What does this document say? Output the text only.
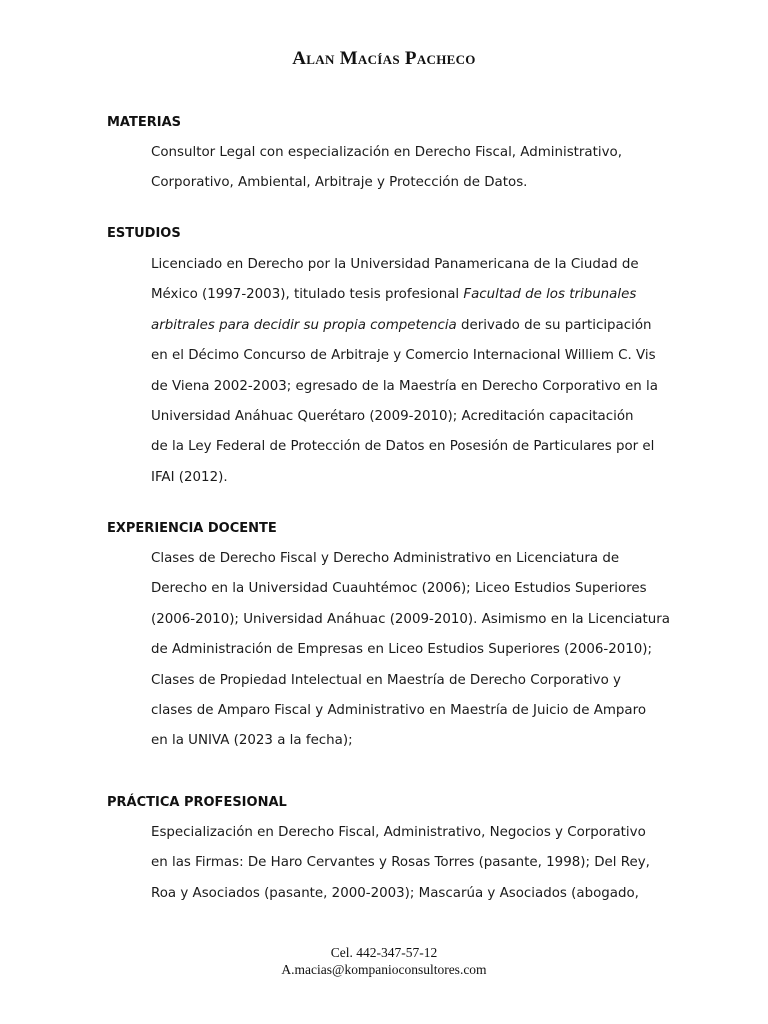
Alan Macías Pacheco
MATERIAS
Consultor Legal con especialización en Derecho Fiscal, Administrativo,
Corporativo, Ambiental, Arbitraje y Protección de Datos.
ESTUDIOS
Licenciado en Derecho por la Universidad Panamericana de la Ciudad de
México (1997-2003), titulado tesis profesional Facultad de los tribunales
arbitrales para decidir su propia competencia derivado de su participación
en el Décimo Concurso de Arbitraje y Comercio Internacional Williem C. Vis
de Viena 2002-2003; egresado de la Maestría en Derecho Corporativo en la
Universidad Anáhuac Querétaro (2009-2010); Acreditación capacitación
de la Ley Federal de Protección de Datos en Posesión de Particulares por el
IFAI (2012).
EXPERIENCIA DOCENTE
Clases de Derecho Fiscal y Derecho Administrativo en Licenciatura de
Derecho en la Universidad Cuauhtémoc (2006); Liceo Estudios Superiores
(2006-2010); Universidad Anáhuac (2009-2010). Asimismo en la Licenciatura
de Administración de Empresas en Liceo Estudios Superiores (2006-2010);
Clases de Propiedad Intelectual en Maestría de Derecho Corporativo y
clases de Amparo Fiscal y Administrativo en Maestría de Juicio de Amparo
en la UNIVA (2023 a la fecha);
PRÁCTICA PROFESIONAL
Especialización en Derecho Fiscal, Administrativo, Negocios y Corporativo
en las Firmas: De Haro Cervantes y Rosas Torres (pasante, 1998); Del Rey,
Roa y Asociados (pasante, 2000-2003); Mascarúa y Asociados (abogado,
Cel. 442-347-57-12
A.macias@kompanioconsultores.com
